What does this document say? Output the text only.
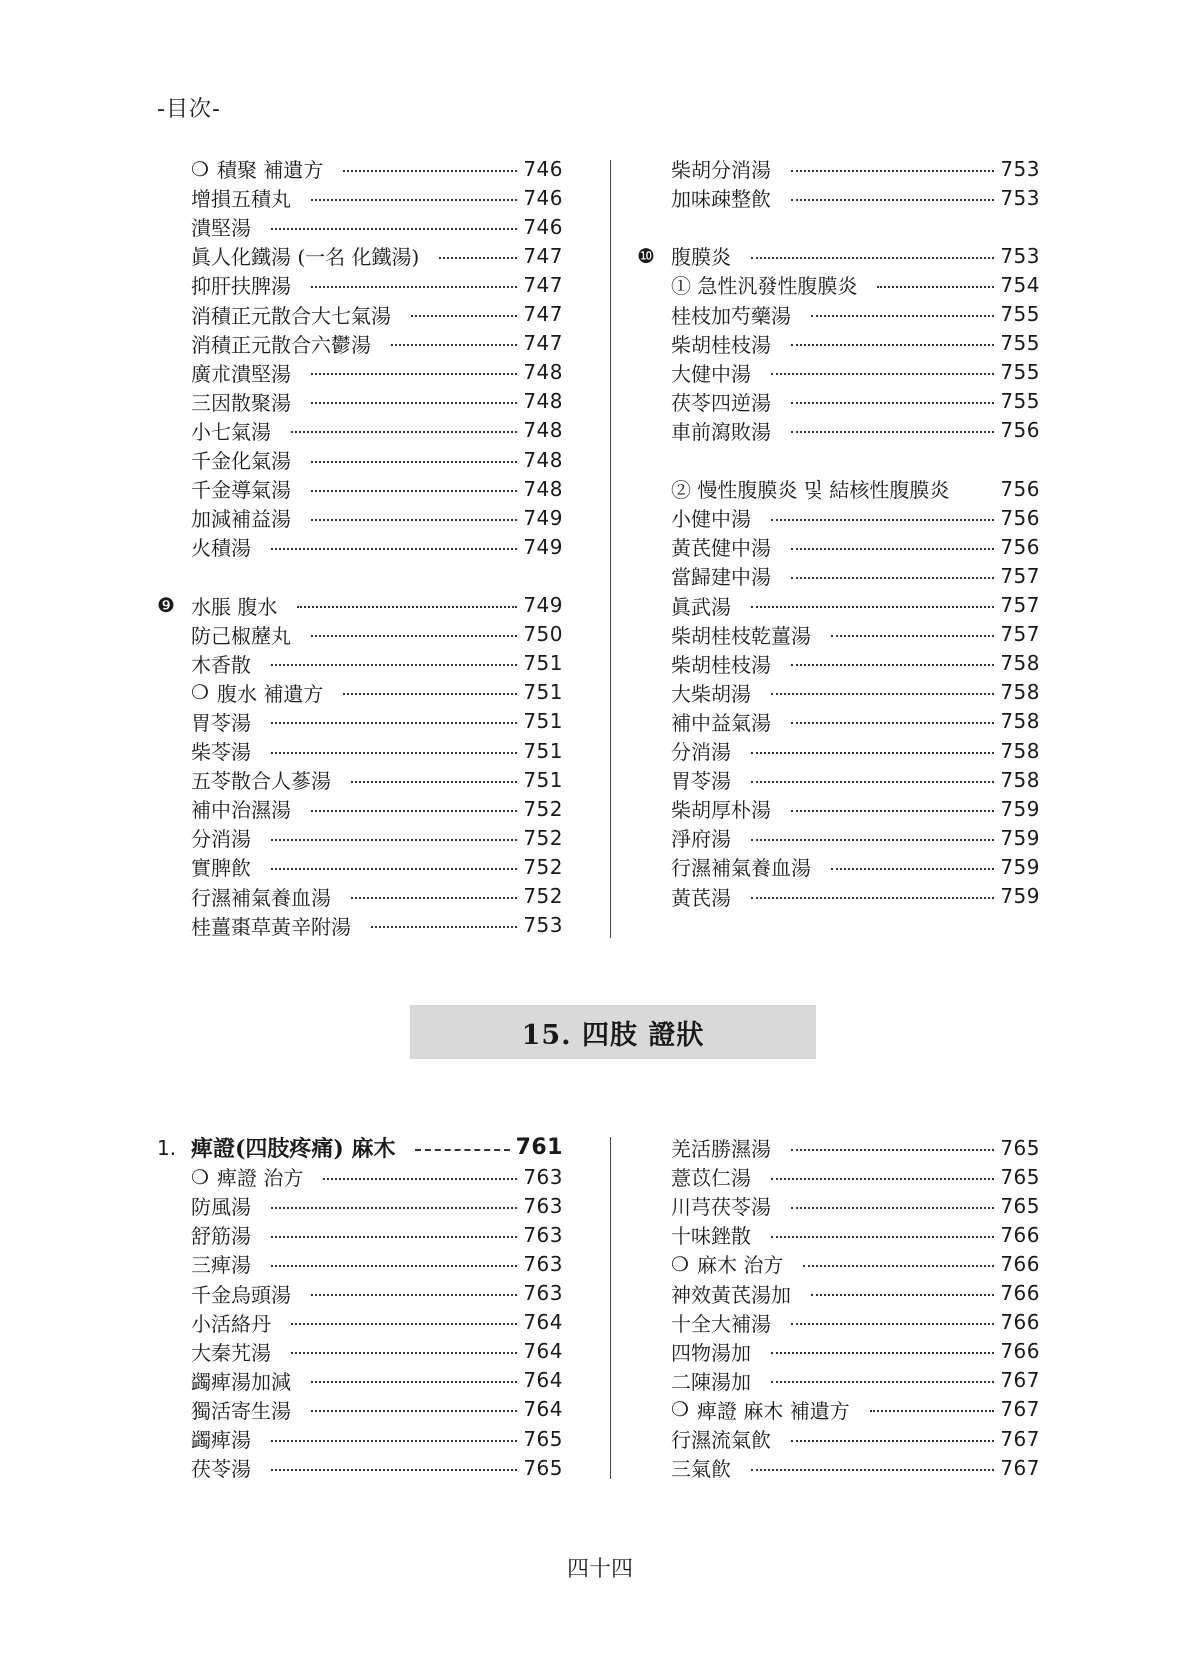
-目次-
❍ 積聚 補遺方	746
增損五積丸	746
潰堅湯	746
眞人化鐵湯 (一名 化鐵湯)	747
抑肝扶脾湯	747
消積正元散合大七氣湯	747
消積正元散合六鬱湯	747
廣朮潰堅湯	748
三因散聚湯	748
小七氣湯	748
千金化氣湯	748
千金導氣湯	748
加減補益湯	749
火積湯	749
❾ 水脹 腹水	749
防己椒藶丸	750
木香散	751
❍ 腹水 補遺方	751
胃苓湯	751
柴苓湯	751
五苓散合人蔘湯	751
補中治濕湯	752
分消湯	752
實脾飮	752
行濕補氣養血湯	752
桂薑棗草黃辛附湯	753
柴胡分消湯	753
加味疎整飮	753
❿ 腹膜炎	753
① 急性汎發性腹膜炎	754
桂枝加芍藥湯	755
柴胡桂枝湯	755
大健中湯	755
茯苓四逆湯	755
車前瀉敗湯	756
② 慢性腹膜炎 및 結核性腹膜炎	756
小健中湯	756
黃芪健中湯	756
當歸建中湯	757
眞武湯	757
柴胡桂枝乾薑湯	757
柴胡桂枝湯	758
大柴胡湯	758
補中益氣湯	758
分消湯	758
胃苓湯	758
柴胡厚朴湯	759
淨府湯	759
行濕補氣養血湯	759
黃芪湯	759
15. 四肢 證狀
1. 痺證(四肢疼痛) 麻木	761
❍ 痺證 治方	763
防風湯	763
舒筋湯	763
三痺湯	763
千金烏頭湯	763
小活絡丹	764
大秦艽湯	764
蠲痺湯加減	764
獨活寄生湯	764
蠲痺湯	765
茯苓湯	765
羌活勝濕湯	765
薏苡仁湯	765
川芎茯苓湯	765
十味銼散	766
❍ 麻木 治方	766
神效黃芪湯加	766
十全大補湯	766
四物湯加	766
二陳湯加	767
❍ 痺證 麻木 補遺方	767
行濕流氣飮	767
三氣飮	767
四十四
